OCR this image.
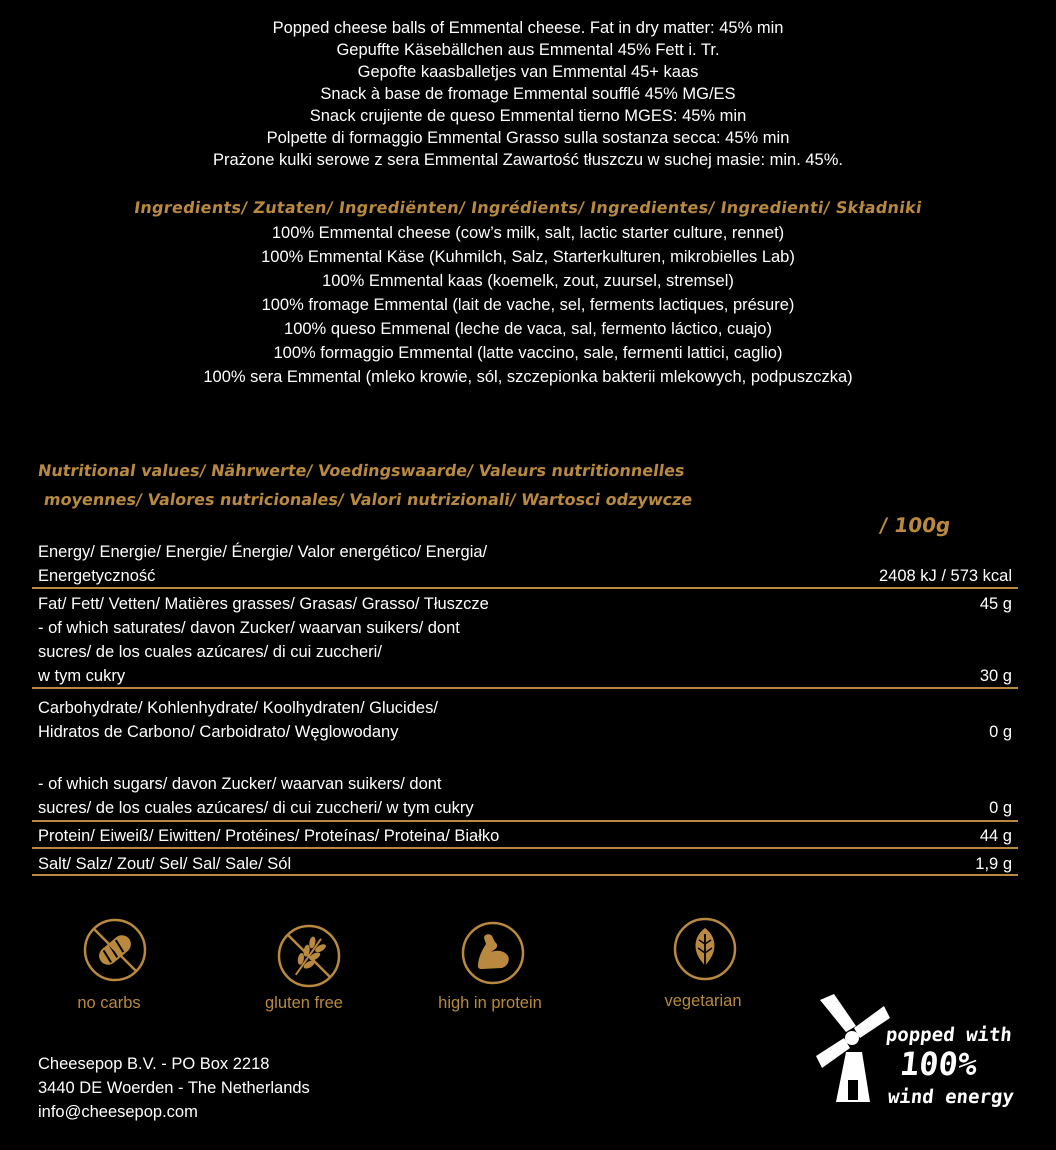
Popped cheese balls of Emmental cheese. Fat in dry matter: 45% min
Gepuffte Käsebällchen aus Emmental 45% Fett i. Tr.
Gepofte kaasballetjes van Emmental 45+ kaas
Snack à base de fromage Emmental soufflé 45% MG/ES
Snack crujiente de queso Emmental tierno MGES: 45% min
Polpette di formaggio Emmental Grasso sulla sostanza secca: 45% min
Prażone kulki serowe z sera Emmental Zawartość tłuszczu w suchej masie: min. 45%.
Ingredients/ Zutaten/ Ingrediënten/ Ingrédients/ Ingredientes/ Ingredienti/ Składniki
100% Emmental cheese (cow’s milk, salt, lactic starter culture, rennet)
100% Emmental Käse (Kuhmilch, Salz, Starterkulturen, mikrobielles Lab)
100% Emmental kaas (koemelk, zout, zuursel, stremsel)
100% fromage Emmental (lait de vache, sel, ferments lactiques, présure)
100% queso Emmenal (leche de vaca, sal, fermento láctico, cuajo)
100% formaggio Emmental (latte vaccino, sale, fermenti lattici, caglio)
100% sera Emmental (mleko krowie, sól, szczepionka bakterii mlekowych, podpuszczka)
Nutritional values/ Nährwerte/ Voedingswaarde/ Valeurs nutritionnelles
moyennes/ Valores nutricionales/ Valori nutrizionali/ Wartosci odzywcze
/ 100g
Energy/ Energie/ Energie/ Énergie/ Valor energético/ Energia/
Energetyczność	2408 kJ / 573 kcal
Fat/ Fett/ Vetten/ Matières grasses/ Grasas/ Grasso/ Tłuszcze	45 g
- of which saturates/ davon Zucker/ waarvan suikers/ dont
sucres/ de los cuales azúcares/ di cui zuccheri/
w tym cukry	30 g
Carbohydrate/ Kohlenhydrate/ Koolhydraten/ Glucides/
Hidratos de Carbono/ Carboidrato/ Węglowodany	0 g
- of which sugars/ davon Zucker/ waarvan suikers/ dont
sucres/ de los cuales azúcares/ di cui zuccheri/ w tym cukry	0 g
Protein/ Eiweiß/ Eiwitten/ Protéines/ Proteínas/ Proteina/ Białko	44 g
Salt/ Salz/ Zout/ Sel/ Sal/ Sale/ Sól	1,9 g
no carbs	gluten free	high in protein	vegetarian
Cheesepop B.V. - PO Box 2218
3440 DE Woerden - The Netherlands
info@cheesepop.com
popped with
100%
wind energy
